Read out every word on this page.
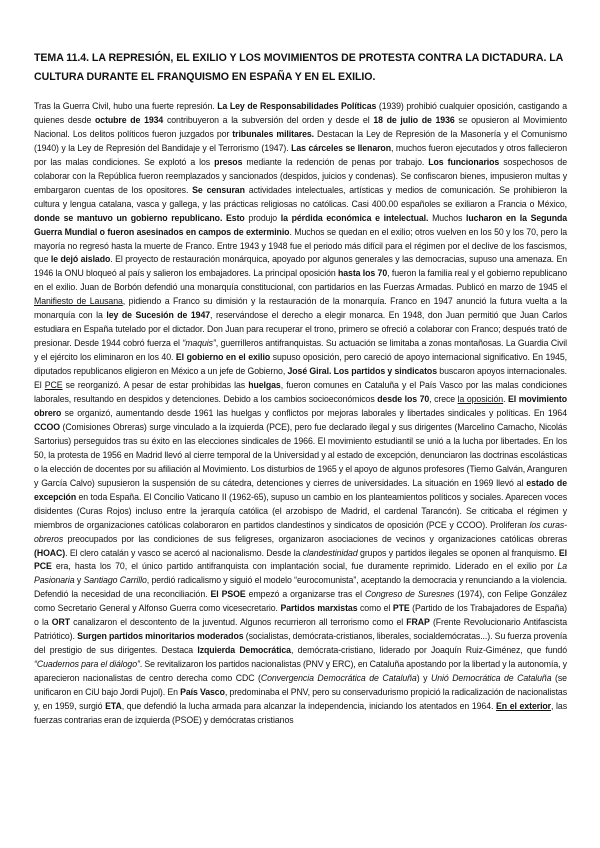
TEMA 11.4. LA REPRESIÓN, EL EXILIO Y LOS MOVIMIENTOS DE PROTESTA CONTRA LA DICTADURA. LA CULTURA DURANTE EL FRANQUISMO EN ESPAÑA Y EN EL EXILIO.
Tras la Guerra Civil, hubo una fuerte represión. La Ley de Responsabilidades Políticas (1939) prohibió cualquier oposición, castigando a quienes desde octubre de 1934 contribuyeron a la subversión del orden y desde el 18 de julio de 1936 se opusieron al Movimiento Nacional. Los delitos políticos fueron juzgados por tribunales militares. Destacan la Ley de Represión de la Masonería y el Comunismo (1940) y la Ley de Represión del Bandidaje y el Terrorismo (1947). Las cárceles se llenaron, muchos fueron ejecutados y otros fallecieron por las malas condiciones. Se explotó a los presos mediante la redención de penas por trabajo. Los funcionarios sospechosos de colaborar con la República fueron reemplazados y sancionados (despidos, juicios y condenas). Se confiscaron bienes, impusieron multas y embargaron cuentas de los opositores. Se censuran actividades intelectuales, artísticas y medios de comunicación. Se prohibieron la cultura y lengua catalana, vasca y gallega, y las prácticas religiosas no católicas. Casi 400.00 españoles se exiliaron a Francia o México, donde se mantuvo un gobierno republicano. Esto produjo la pérdida económica e intelectual. Muchos lucharon en la Segunda Guerra Mundial o fueron asesinados en campos de exterminio. Muchos se quedan en el exilio; otros vuelven en los 50 y los 70, pero la mayoría no regresó hasta la muerte de Franco. Entre 1943 y 1948 fue el periodo más difícil para el régimen por el declive de los fascismos, que le dejó aislado. El proyecto de restauración monárquica, apoyado por algunos generales y las democracias, supuso una amenaza. En 1946 la ONU bloqueó al país y salieron los embajadores. La principal oposición hasta los 70, fueron la familia real y el gobierno republicano en el exilio. Juan de Borbón defendió una monarquía constitucional, con partidarios en las Fuerzas Armadas. Publicó en marzo de 1945 el Manifiesto de Lausana, pidiendo a Franco su dimisión y la restauración de la monarquía. Franco en 1947 anunció la futura vuelta a la monarquía con la ley de Sucesión de 1947, reservándose el derecho a elegir monarca. En 1948, don Juan permitió que Juan Carlos estudiara en España tutelado por el dictador. Don Juan para recuperar el trono, primero se ofreció a colaborar con Franco; después trató de presionar. Desde 1944 cobró fuerza el “maquis”, guerrilleros antifranquistas. Su actuación se limitaba a zonas montañosas. La Guardia Civil y el ejército los eliminaron en los 40. El gobierno en el exilio supuso oposición, pero careció de apoyo internacional significativo. En 1945, diputados republicanos eligieron en México a un jefe de Gobierno, José Giral. Los partidos y sindicatos buscaron apoyos internacionales. El PCE se reorganizó. A pesar de estar prohibidas las huelgas, fueron comunes en Cataluña y el País Vasco por las malas condiciones laborales, resultando en despidos y detenciones. Debido a los cambios socioeconómicos desde los 70, crece la oposición. El movimiento obrero se organizó, aumentando desde 1961 las huelgas y conflictos por mejoras laborales y libertades sindicales y políticas. En 1964 CCOO (Comisiones Obreras) surge vinculado a la izquierda (PCE), pero fue declarado ilegal y sus dirigentes (Marcelino Camacho, Nicolás Sartorius) perseguidos tras su éxito en las elecciones sindicales de 1966. El movimiento estudiantil se unió a la lucha por libertades. En los 50, la protesta de 1956 en Madrid llevó al cierre temporal de la Universidad y al estado de excepción, denunciaron las doctrinas escolásticas o la elección de docentes por su afiliación al Movimiento. Los disturbios de 1965 y el apoyo de algunos profesores (Tierno Galván, Aranguren y García Calvo) supusieron la suspensión de su cátedra, detenciones y cierres de universidades. La situación en 1969 llevó al estado de excepción en toda España. El Concilio Vaticano II (1962-65), supuso un cambio en los planteamientos políticos y sociales. Aparecen voces disidentes (Curas Rojos) incluso entre la jerarquía católica (el arzobispo de Madrid, el cardenal Tarancón). Se criticaba el régimen y miembros de organizaciones católicas colaboraron en partidos clandestinos y sindicatos de oposición (PCE y CCOO). Proliferan los curas-obreros preocupados por las condiciones de sus feligreses, organizaron asociaciones de vecinos y organizaciones católicas obreras (HOAC). El clero catalán y vasco se acercó al nacionalismo. Desde la clandestinidad grupos y partidos ilegales se oponen al franquismo. El PCE era, hasta los 70, el único partido antifranquista con implantación social, fue duramente reprimido. Liderado en el exilio por La Pasionaria y Santiago Carrillo, perdió radicalismo y siguió el modelo “eurocomunista”, aceptando la democracia y renunciando a la violencia. Defendió la necesidad de una reconciliación. El PSOE empezó a organizarse tras el Congreso de Suresnes (1974), con Felipe González como Secretario General y Alfonso Guerra como vicesecretario. Partidos marxistas como el PTE (Partido de los Trabajadores de España) o la ORT canalizaron el descontento de la juventud. Algunos recurrieron all terrorismo como el FRAP (Frente Revolucionario Antifascista Patriótico). Surgen partidos minoritarios moderados (socialistas, demócrata-cristianos, liberales, socialdemócratas...). Su fuerza provenía del prestigio de sus dirigentes. Destaca Izquierda Democrática, demócrata-cristiano, liderado por Joaquín Ruiz-Giménez, que fundó “Cuadernos para el diálogo”. Se revitalizaron los partidos nacionalistas (PNV y ERC), en Cataluña apostando por la libertad y la autonomía, y aparecieron nacionalistas de centro derecha como CDC (Convergencia Democrática de Cataluña) y Unió Democrática de Cataluña (se unificaron en CiU bajo Jordi Pujol). En País Vasco, predominaba el PNV, pero su conservadurismo propició la radicalización de nacionalistas y, en 1959, surgió ETA, que defendió la lucha armada para alcanzar la independencia, iniciando los atentados en 1964. En el exterior, las fuerzas contrarias eran de izquierda (PSOE) y demócratas cristianos
